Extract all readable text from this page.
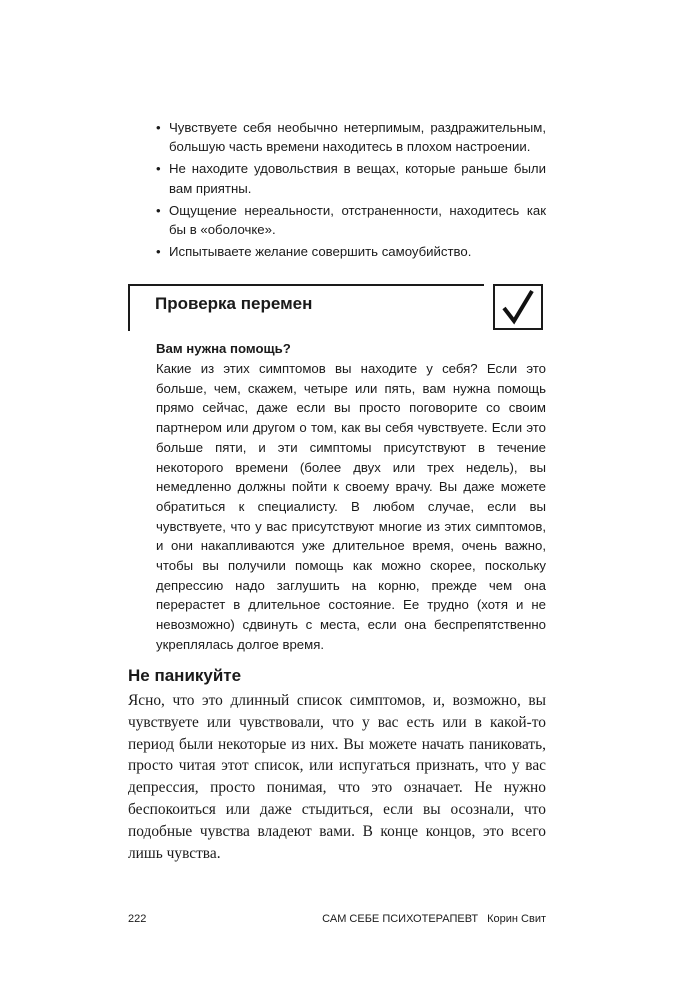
• Чувствуете себя необычно нетерпимым, раздражительным, большую часть времени находитесь в плохом настроении.
• Не находите удовольствия в вещах, которые раньше были вам приятны.
• Ощущение нереальности, отстраненности, находитесь как бы в «оболочке».
• Испытываете желание совершить самоубийство.
Проверка перемен
Вам нужна помощь?

Какие из этих симптомов вы находите у себя? Если это больше, чем, скажем, четыре или пять, вам нужна помощь прямо сейчас, даже если вы просто поговорите со своим партнером или другом о том, как вы себя чувствуете. Если это больше пяти, и эти симптомы присутствуют в течение некоторого времени (более двух или трех недель), вы немедленно должны пойти к своему врачу. Вы даже можете обратиться к специалисту. В любом случае, если вы чувствуете, что у вас присутствуют многие из этих симптомов, и они накапливаются уже длительное время, очень важно, чтобы вы получили помощь как можно скорее, поскольку депрессию надо заглушить на корню, прежде чем она перерастет в длительное состояние. Ее трудно (хотя и не невозможно) сдвинуть с места, если она беспрепятственно укреплялась долгое время.

Не паникуйте

Ясно, что это длинный список симптомов, и, возможно, вы чувствуете или чувствовали, что у вас есть или в какой-то период были некоторые из них. Вы можете начать паниковать, просто читая этот список, или испугаться признать, что у вас депрессия, просто понимая, что это означает. Не нужно беспокоиться или даже стыдиться, если вы осознали, что подобные чувства владеют вами. В конце концов, это всего лишь чувства.

222	САМ СЕБЕ ПСИХОТЕРАПЕВТ Корин Свит
